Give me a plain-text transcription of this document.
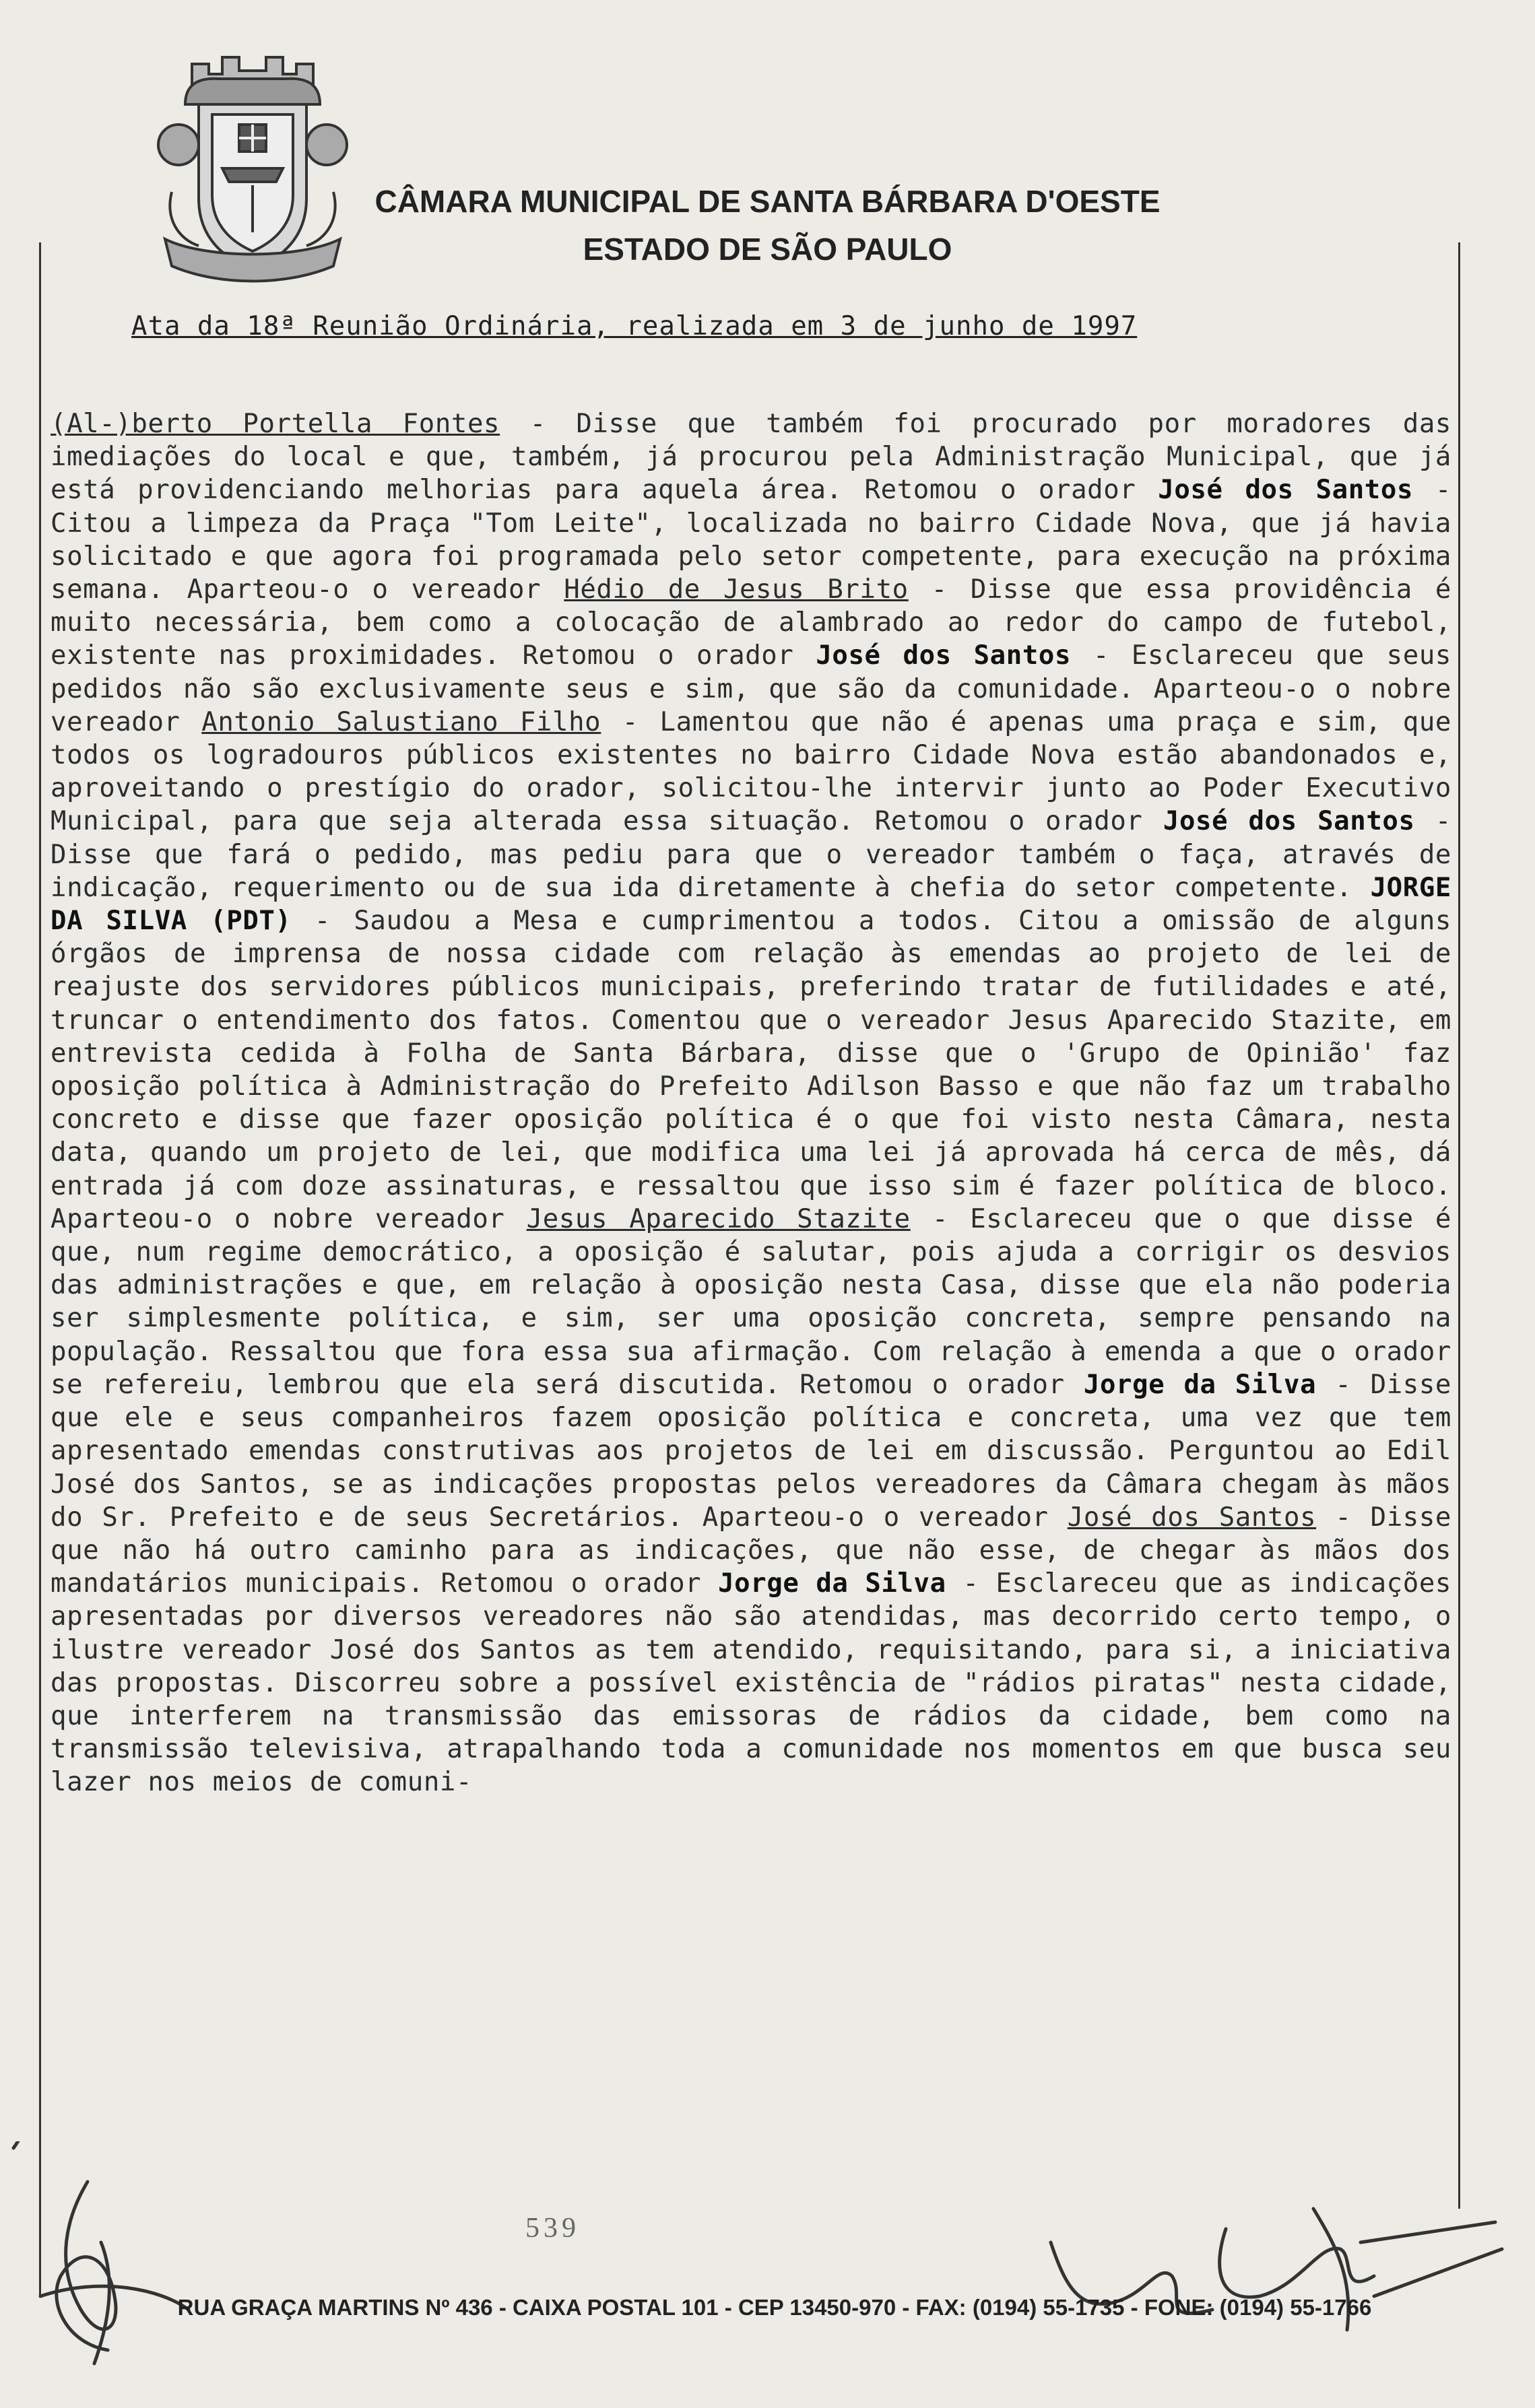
CÂMARA MUNICIPAL DE SANTA BÁRBARA D'OESTE
ESTADO DE SÃO PAULO
Ata da 18ª Reunião Ordinária, realizada em 3 de junho de 1997

(Al-)berto Portella Fontes - Disse que também foi procurado por moradores das imediações do local e que, também, já procurou pela Administração Municipal, que já está providenciando melhorias para aquela área. Retomou o orador José dos Santos - Citou a limpeza da Praça "Tom Leite", localizada no bairro Cidade Nova, que já havia solicitado e que agora foi programada pelo setor competente, para execução na próxima semana. Aparteou-o o vereador Hédio de Jesus Brito - Disse que essa providência é muito necessária, bem como a colocação de alambrado ao redor do campo de futebol, existente nas proximidades. Retomou o orador José dos Santos - Esclareceu que seus pedidos não são exclusivamente seus e sim, que são da comunidade. Aparteou-o o nobre vereador Antonio Salustiano Filho - Lamentou que não é apenas uma praça e sim, que todos os logradouros públicos existentes no bairro Cidade Nova estão abandonados e, aproveitando o prestígio do orador, solicitou-lhe intervir junto ao Poder Executivo Municipal, para que seja alterada essa situação. Retomou o orador José dos Santos - Disse que fará o pedido, mas pediu para que o vereador também o faça, através de indicação, requerimento ou de sua ida diretamente à chefia do setor competente. JORGE DA SILVA (PDT) - Saudou a Mesa e cumprimentou a todos. Citou a omissão de alguns órgãos de imprensa de nossa cidade com relação às emendas ao projeto de lei de reajuste dos servidores públicos municipais, preferindo tratar de futilidades e até, truncar o entendimento dos fatos. Comentou que o vereador Jesus Aparecido Stazite, em entrevista cedida à Folha de Santa Bárbara, disse que o 'Grupo de Opinião' faz oposição política à Administração do Prefeito Adilson Basso e que não faz um trabalho concreto e disse que fazer oposição política é o que foi visto nesta Câmara, nesta data, quando um projeto de lei, que modifica uma lei já aprovada há cerca de mês, dá entrada já com doze assinaturas, e ressaltou que isso sim é fazer política de bloco. Aparteou-o o nobre vereador Jesus Aparecido Stazite - Esclareceu que o que disse é que, num regime democrático, a oposição é salutar, pois ajuda a corrigir os desvios das administrações e que, em relação à oposição nesta Casa, disse que ela não poderia ser simplesmente política, e sim, ser uma oposição concreta, sempre pensando na população. Ressaltou que fora essa sua afirmação. Com relação à emenda a que o orador se refereiu, lembrou que ela será discutida. Retomou o orador Jorge da Silva - Disse que ele e seus companheiros fazem oposição política e concreta, uma vez que tem apresentado emendas construtivas aos projetos de lei em discussão. Perguntou ao Edil José dos Santos, se as indicações propostas pelos vereadores da Câmara chegam às mãos do Sr. Prefeito e de seus Secretários. Aparteou-o o vereador José dos Santos - Disse que não há outro caminho para as indicações, que não esse, de chegar às mãos dos mandatários municipais. Retomou o orador Jorge da Silva - Esclareceu que as indicações apresentadas por diversos vereadores não são atendidas, mas decorrido certo tempo, o ilustre vereador José dos Santos as tem atendido, requisitando, para si, a iniciativa das propostas. Discorreu sobre a possível existência de "rádios piratas" nesta cidade, que interferem na transmissão das emissoras de rádios da cidade, bem como na transmissão televisiva, atrapalhando toda a comunidade nos momentos em que busca seu lazer nos meios de comuni-

539
RUA GRAÇA MARTINS Nº 436 - CAIXA POSTAL 101 - CEP 13450-970 - FAX: (0194) 55-1735 - FONE: (0194) 55-1766
